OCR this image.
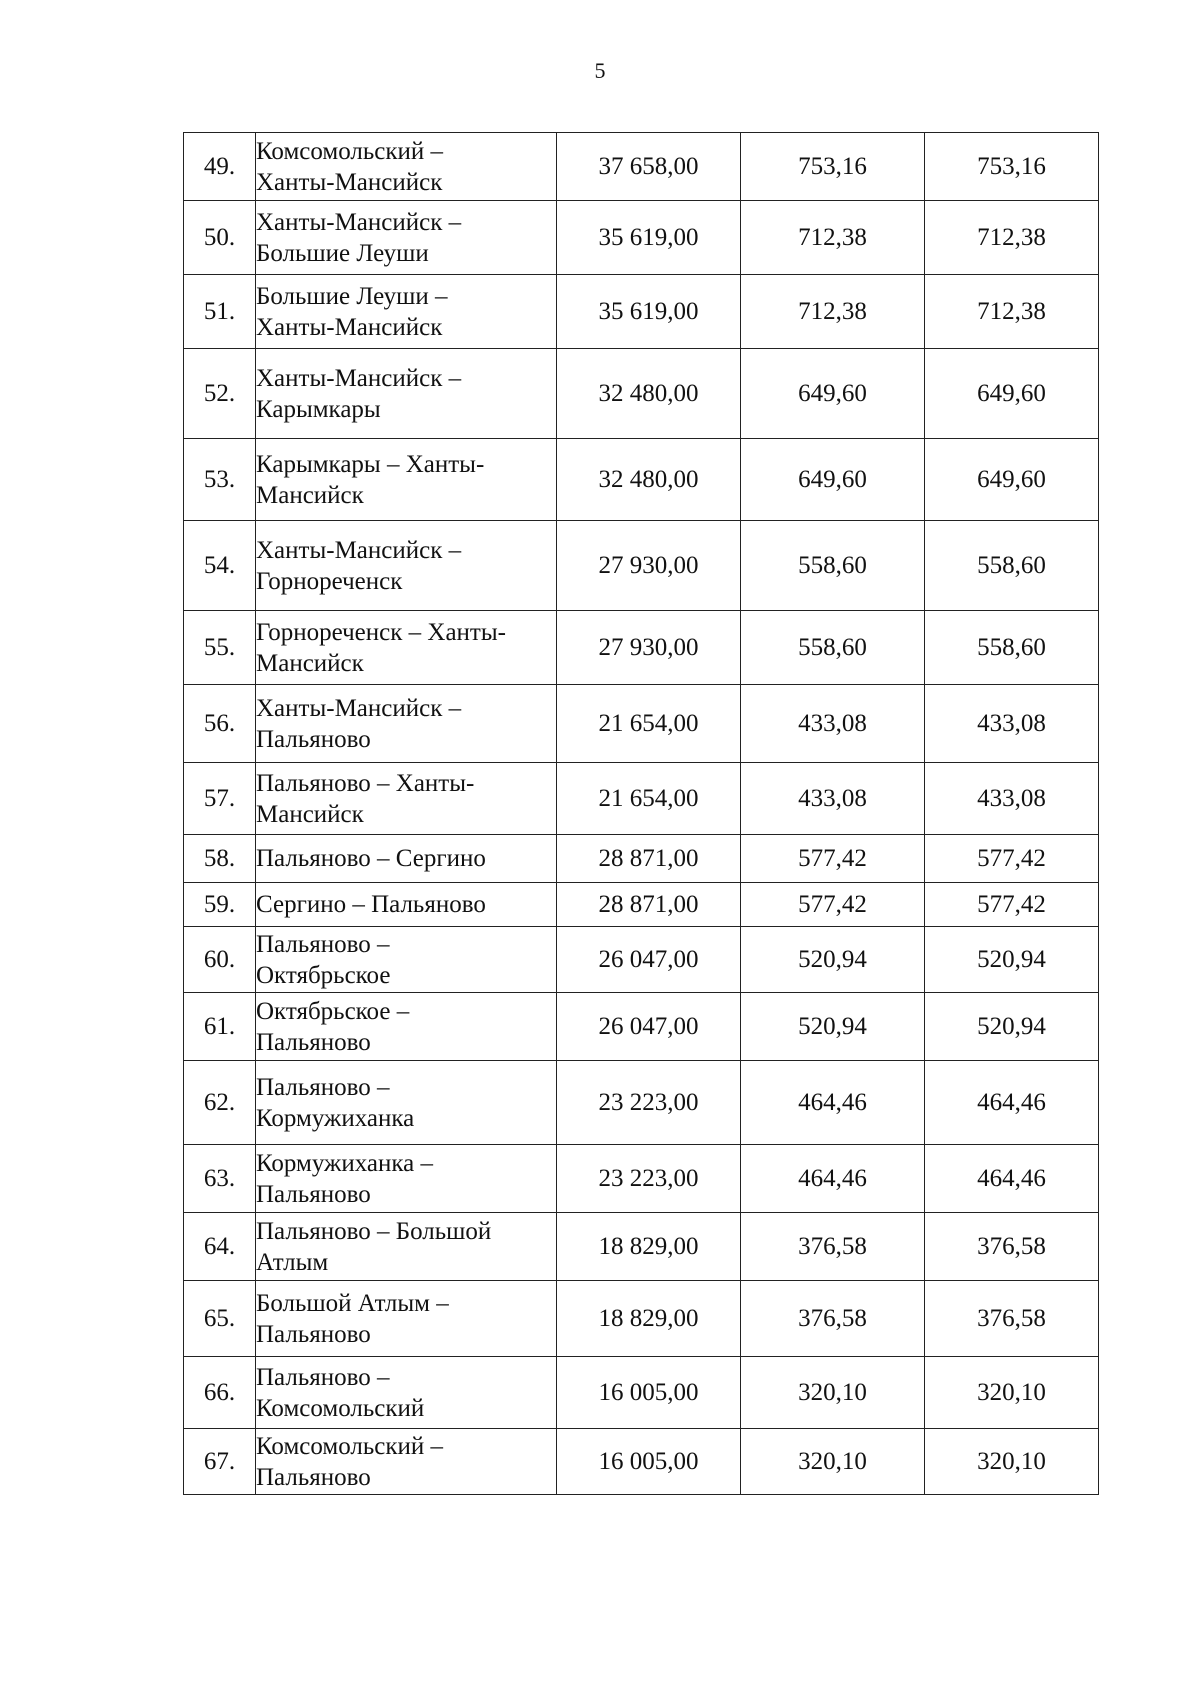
5
49.	Комсомольский –
Ханты-Мансийск	37 658,00	753,16	753,16
50.	Ханты-Мансийск –
Большие Леуши	35 619,00	712,38	712,38
51.	Большие Леуши –
Ханты-Мансийск	35 619,00	712,38	712,38
52.	Ханты-Мансийск –
Карымкары	32 480,00	649,60	649,60
53.	Карымкары – Ханты-
Мансийск	32 480,00	649,60	649,60
54.	Ханты-Мансийск –
Горнореченск	27 930,00	558,60	558,60
55.	Горнореченск – Ханты-
Мансийск	27 930,00	558,60	558,60
56.	Ханты-Мансийск –
Пальяново	21 654,00	433,08	433,08
57.	Пальяново – Ханты-
Мансийск	21 654,00	433,08	433,08
58.	Пальяново – Сергино	28 871,00	577,42	577,42
59.	Сергино – Пальяново	28 871,00	577,42	577,42
60.	Пальяново –
Октябрьское	26 047,00	520,94	520,94
61.	Октябрьское –
Пальяново	26 047,00	520,94	520,94
62.	Пальяново –
Кормужиханка	23 223,00	464,46	464,46
63.	Кормужиханка –
Пальяново	23 223,00	464,46	464,46
64.	Пальяново – Большой
Атлым	18 829,00	376,58	376,58
65.	Большой Атлым –
Пальяново	18 829,00	376,58	376,58
66.	Пальяново –
Комсомольский	16 005,00	320,10	320,10
67.	Комсомольский –
Пальяново	16 005,00	320,10	320,10
